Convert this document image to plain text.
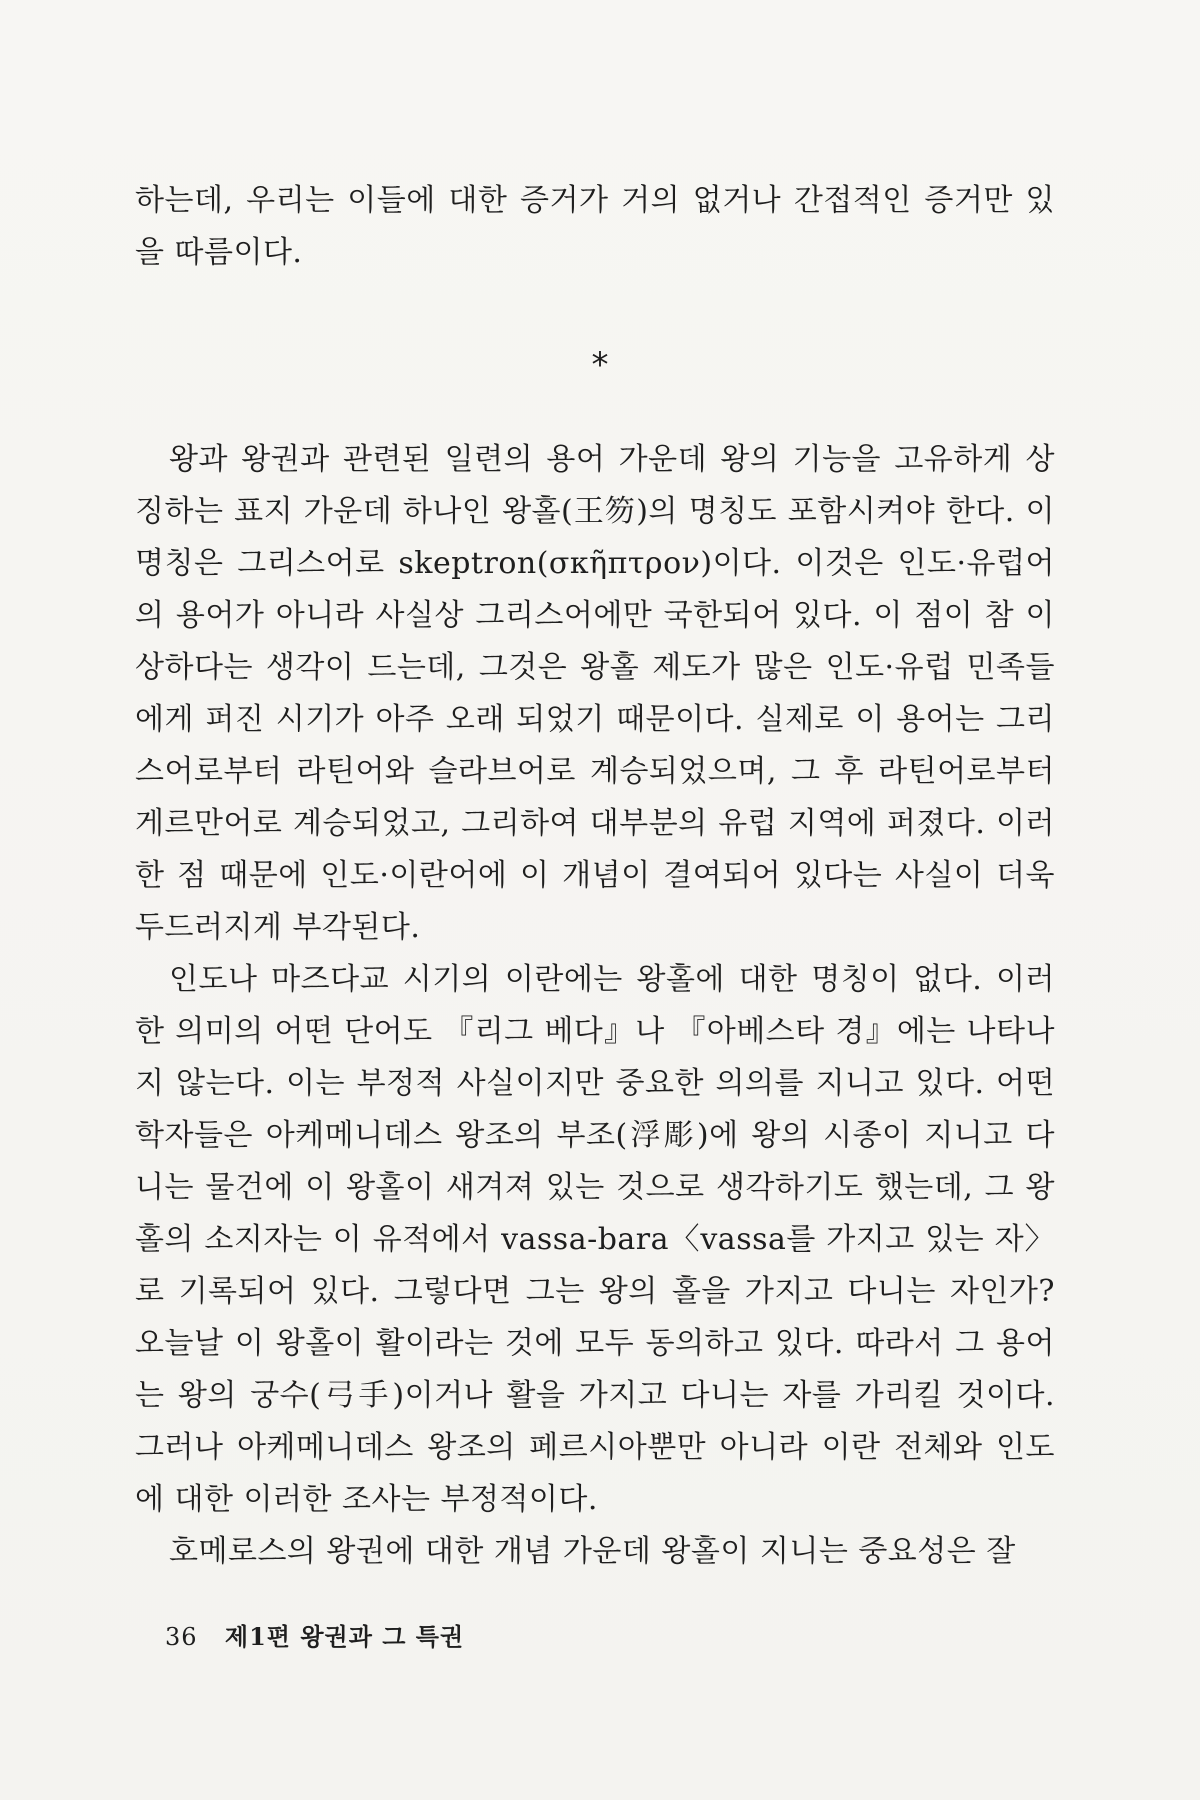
하는데, 우리는 이들에 대한 증거가 거의 없거나 간접적인 증거만 있을 따름이다.

*

왕과 왕권과 관련된 일련의 용어 가운데 왕의 기능을 고유하게 상징하는 표지 가운데 하나인 왕홀(王笏)의 명칭도 포함시켜야 한다. 이 명칭은 그리스어로 skeptron(σκῆπτρον)이다. 이것은 인도·유럽어의 용어가 아니라 사실상 그리스어에만 국한되어 있다. 이 점이 참 이상하다는 생각이 드는데, 그것은 왕홀 제도가 많은 인도·유럽 민족들에게 퍼진 시기가 아주 오래 되었기 때문이다. 실제로 이 용어는 그리스어로부터 라틴어와 슬라브어로 계승되었으며, 그 후 라틴어로부터 게르만어로 계승되었고, 그리하여 대부분의 유럽 지역에 퍼졌다. 이러한 점 때문에 인도·이란어에 이 개념이 결여되어 있다는 사실이 더욱 두드러지게 부각된다.

인도나 마즈다교 시기의 이란에는 왕홀에 대한 명칭이 없다. 이러한 의미의 어떤 단어도 『리그 베다』나 『아베스타 경』에는 나타나지 않는다. 이는 부정적 사실이지만 중요한 의의를 지니고 있다. 어떤 학자들은 아케메니데스 왕조의 부조(浮彫)에 왕의 시종이 지니고 다니는 물건에 이 왕홀이 새겨져 있는 것으로 생각하기도 했는데, 그 왕홀의 소지자는 이 유적에서 vassa-bara〈vassa를 가지고 있는 자〉로 기록되어 있다. 그렇다면 그는 왕의 홀을 가지고 다니는 자인가? 오늘날 이 왕홀이 활이라는 것에 모두 동의하고 있다. 따라서 그 용어는 왕의 궁수(弓手)이거나 활을 가지고 다니는 자를 가리킬 것이다. 그러나 아케메니데스 왕조의 페르시아뿐만 아니라 이란 전체와 인도에 대한 이러한 조사는 부정적이다.

호메로스의 왕권에 대한 개념 가운데 왕홀이 지니는 중요성은 잘

36 제1편 왕권과 그 특권
